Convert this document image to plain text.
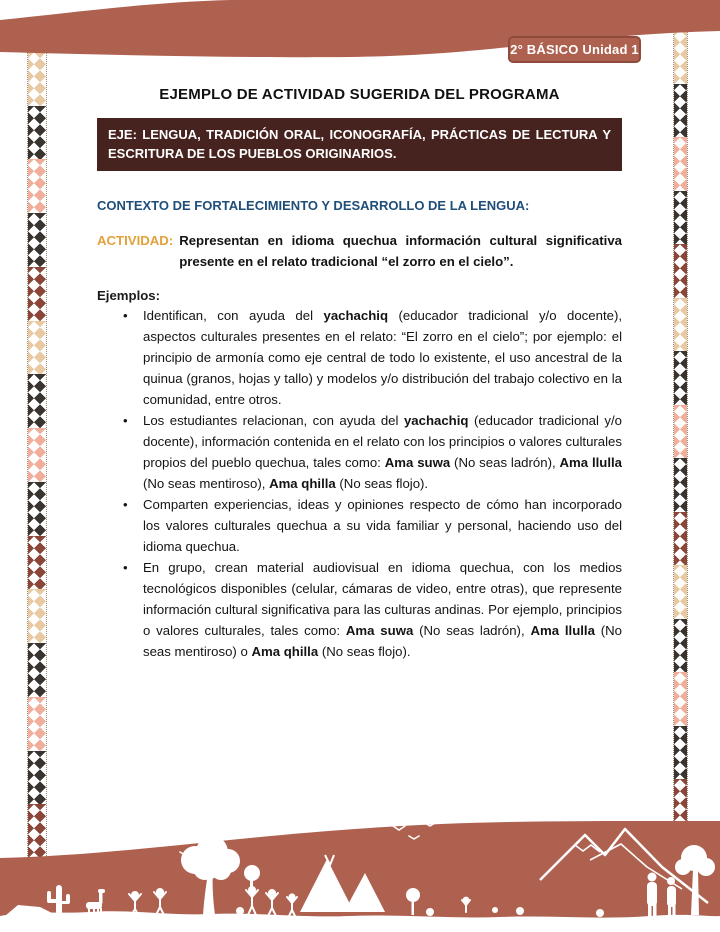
2° BÁSICO Unidad 1
EJEMPLO DE ACTIVIDAD SUGERIDA DEL PROGRAMA
EJE: LENGUA, TRADICIÓN ORAL, ICONOGRAFÍA, PRÁCTICAS DE LECTURA Y ESCRITURA DE LOS PUEBLOS ORIGINARIOS.
CONTEXTO DE FORTALECIMIENTO Y DESARROLLO DE LA LENGUA:
ACTIVIDAD: Representan en idioma quechua información cultural significativa presente en el relato tradicional “el zorro en el cielo”.
Ejemplos:
• Identifican, con ayuda del yachachiq (educador tradicional y/o docente), aspectos culturales presentes en el relato: “El zorro en el cielo”; por ejemplo: el principio de armonía como eje central de todo lo existente, el uso ancestral de la quinua (granos, hojas y tallo) y modelos y/o distribución del trabajo colectivo en la comunidad, entre otros.
• Los estudiantes relacionan, con ayuda del yachachiq (educador tradicional y/o docente), información contenida en el relato con los principios o valores culturales propios del pueblo quechua, tales como: Ama suwa (No seas ladrón), Ama llulla (No seas mentiroso), Ama qhilla (No seas flojo).
• Comparten experiencias, ideas y opiniones respecto de cómo han incorporado los valores culturales quechua a su vida familiar y personal, haciendo uso del idioma quechua.
• En grupo, crean material audiovisual en idioma quechua, con los medios tecnológicos disponibles (celular, cámaras de video, entre otras), que represente información cultural significativa para las culturas andinas. Por ejemplo, principios o valores culturales, tales como: Ama suwa (No seas ladrón), Ama llulla (No seas mentiroso) o Ama qhilla (No seas flojo).
